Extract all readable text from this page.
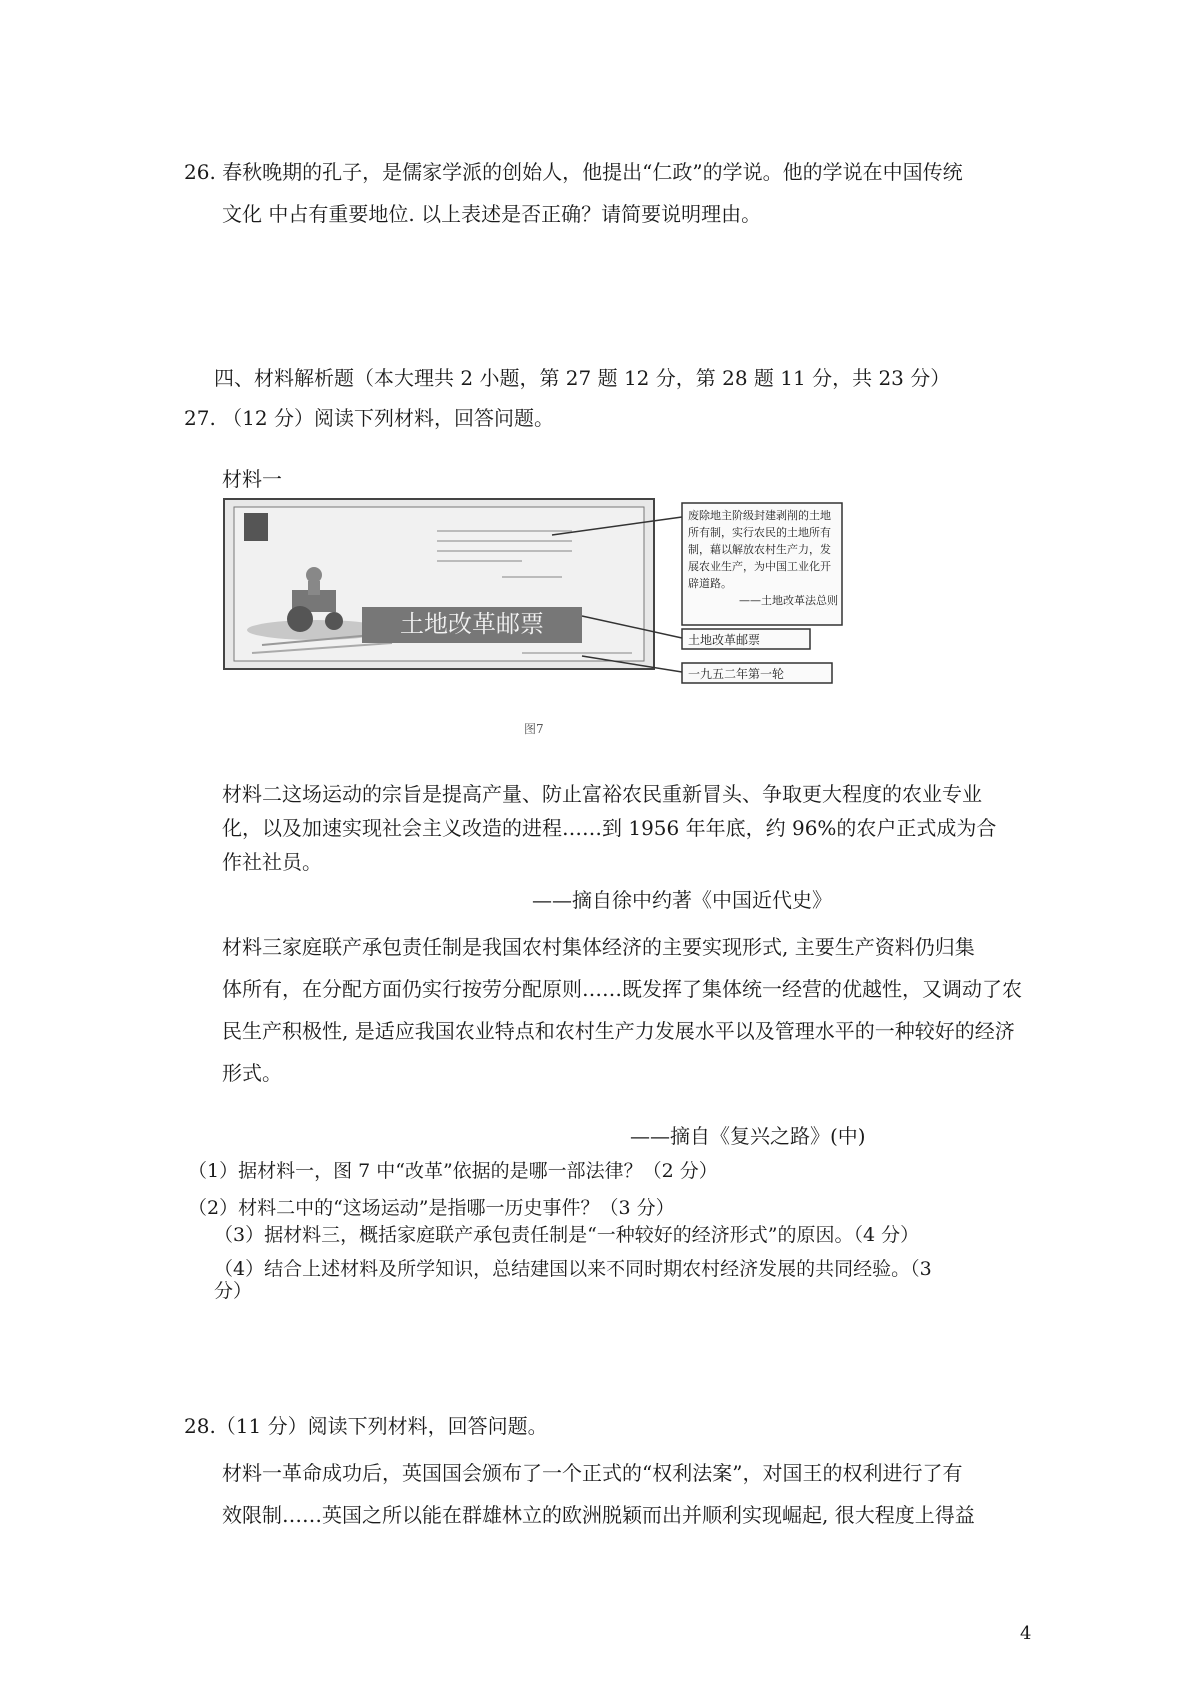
26. 春秋晚期的孔子，是儒家学派的创始人，他提出“仁政”的学说。他的学说在中国传统
文化 中占有重要地位. 以上表述是否正确？请简要说明理由。
四、材料解析题（本大理共 2 小题，第 27 题 12 分，第 28 题 11 分，共 23 分）
27. （12 分）阅读下列材料，回答问题。
材料一
土地改革邮票
废除地主阶级封建剥削的土地所有制，实行农民的土地所有制，藉以解放农村生产力，发展农业生产，为中国工业化开辟道路。

——土地改革法总则
土地改革邮票
一九五二年第一轮
图7
材料二这场运动的宗旨是提高产量、防止富裕农民重新冒头、争取更大程度的农业专业
化，以及加速实现社会主义改造的进程……到 1956 年年底，约 96%的农户正式成为合
作社社员。
——摘自徐中约著《中国近代史》
材料三家庭联产承包责任制是我国农村集体经济的主要实现形式, 主要生产资料仍归集
体所有，在分配方面仍实行按劳分配原则……既发挥了集体统一经营的优越性，又调动了农
民生产积极性, 是适应我国农业特点和农村生产力发展水平以及管理水平的一种较好的经济
形式。
——摘自《复兴之路》(中)
（1）据材料一，图 7 中“改革”依据的是哪一部法律？（2 分）
（2）材料二中的“这场运动”是指哪一历史事件？（3 分）
（3）据材料三，概括家庭联产承包责任制是“一种较好的经济形式”的原因。（4 分）
（4）结合上述材料及所学知识，总结建国以来不同时期农村经济发展的共同经验。（3
分）
28.（11 分）阅读下列材料，回答问题。
材料一革命成功后，英国国会颁布了一个正式的“权利法案”，对国王的权利进行了有
效限制……英国之所以能在群雄林立的欧洲脱颖而出并顺利实现崛起, 很大程度上得益
4
